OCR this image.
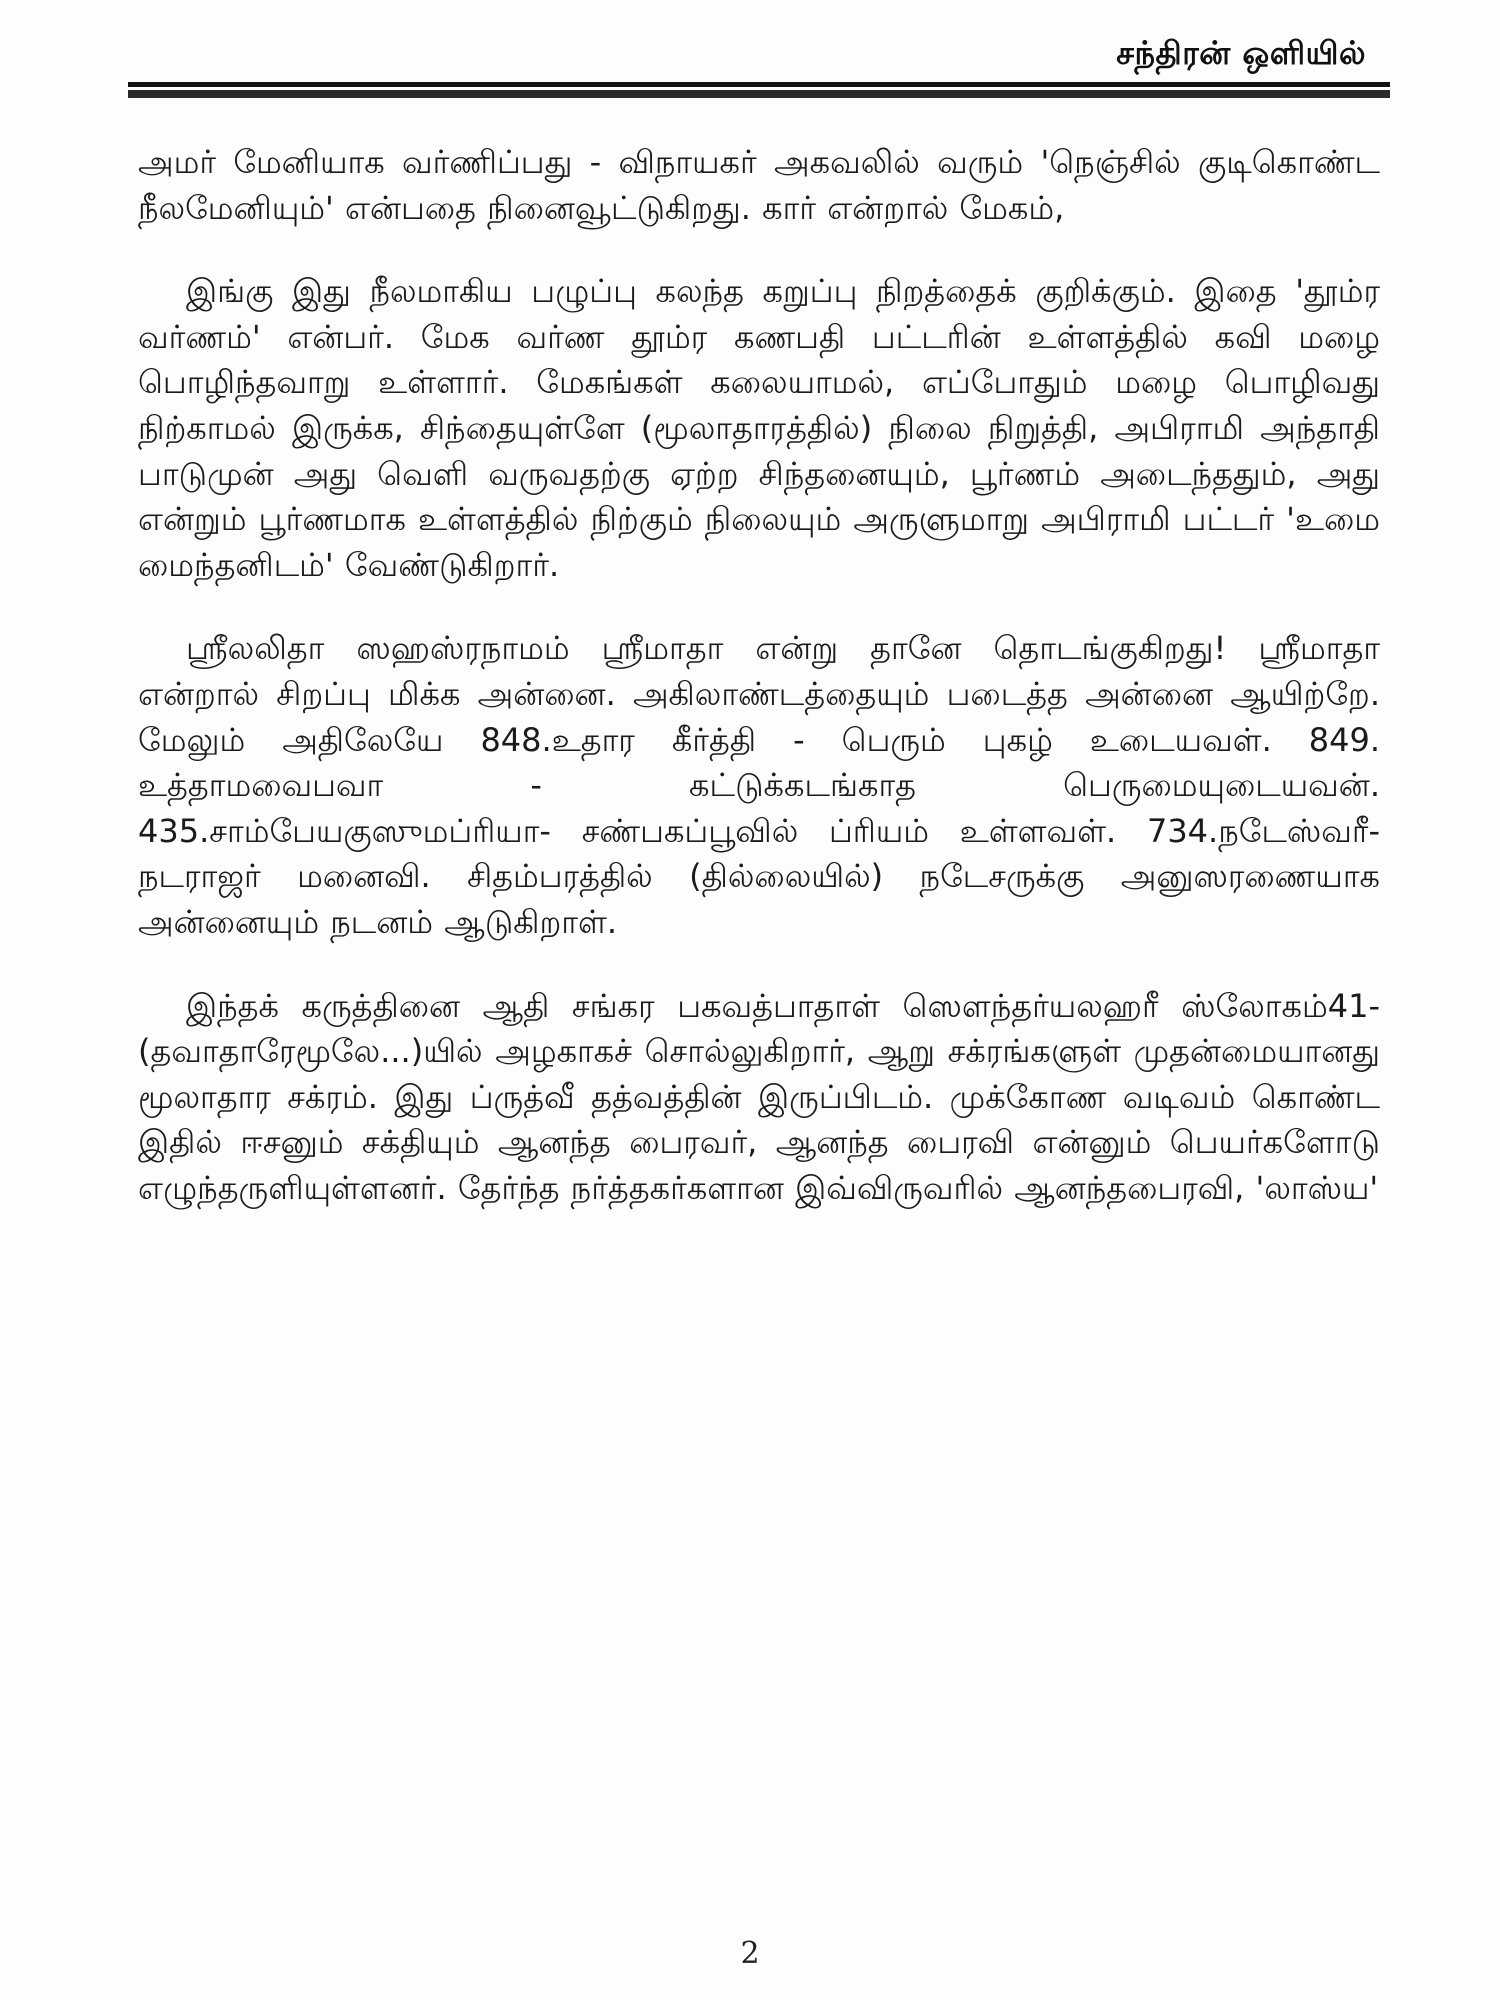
சந்திரன் ஒளியில்

அமர் மேனியாக வர்ணிப்பது - விநாயகர் அகவலில் வரும் 'நெஞ்சில் குடிகொண்ட நீலமேனியும்' என்பதை நினைவூட்டுகிறது. கார் என்றால் மேகம்,

இங்கு இது நீலமாகிய பழுப்பு கலந்த கறுப்பு நிறத்தைக் குறிக்கும். இதை 'தூம்ர வர்ணம்' என்பர். மேக வர்ண தூம்ர கணபதி பட்டரின் உள்ளத்தில் கவி மழை பொழிந்தவாறு உள்ளார். மேகங்கள் கலையாமல், எப்போதும் மழை பொழிவது நிற்காமல் இருக்க, சிந்தையுள்ளே (மூலாதாரத்தில்) நிலை நிறுத்தி, அபிராமி அந்தாதி பாடுமுன் அது வெளி வருவதற்கு ஏற்ற சிந்தனையும், பூர்ணம் அடைந்ததும், அது என்றும் பூர்ணமாக உள்ளத்தில் நிற்கும் நிலையும் அருளுமாறு அபிராமி பட்டர் 'உமை மைந்தனிடம்' வேண்டுகிறார்.

ஸ்ரீலலிதா ஸஹஸ்ரநாமம் ஸ்ரீமாதா என்று தானே தொடங்குகிறது! ஸ்ரீமாதா என்றால் சிறப்பு மிக்க அன்னை. அகிலாண்டத்தையும் படைத்த அன்னை ஆயிற்றே. மேலும் அதிலேயே 848.உதார கீர்த்தி - பெரும் புகழ் உடையவள். 849. உத்தாமவைபவா - கட்டுக்கடங்காத பெருமையுடையவன். 435.சாம்பேயகுஸுமப்ரியா- சண்பகப்பூவில் ப்ரியம் உள்ளவள். 734.நடேஸ்வரீ- நடராஜர் மனைவி. சிதம்பரத்தில் (தில்லையில்) நடேசருக்கு அனுஸரணையாக அன்னையும் நடனம் ஆடுகிறாள்.

இந்தக் கருத்தினை ஆதி சங்கர பகவத்பாதாள் ஸௌந்தர்யலஹரீ ஸ்லோகம்41- (தவாதாரேமூலே...)யில் அழகாகச் சொல்லுகிறார், ஆறு சக்ரங்களுள் முதன்மையானது மூலாதார சக்ரம். இது ப்ருத்வீ தத்வத்தின் இருப்பிடம். முக்கோண வடிவம் கொண்ட இதில் ஈசனும் சக்தியும் ஆனந்த பைரவர், ஆனந்த பைரவி என்னும் பெயர்களோடு எழுந்தருளியுள்ளனர். தேர்ந்த நர்த்தகர்களான இவ்விருவரில் ஆனந்தபைரவி, 'லாஸ்ய'

2
